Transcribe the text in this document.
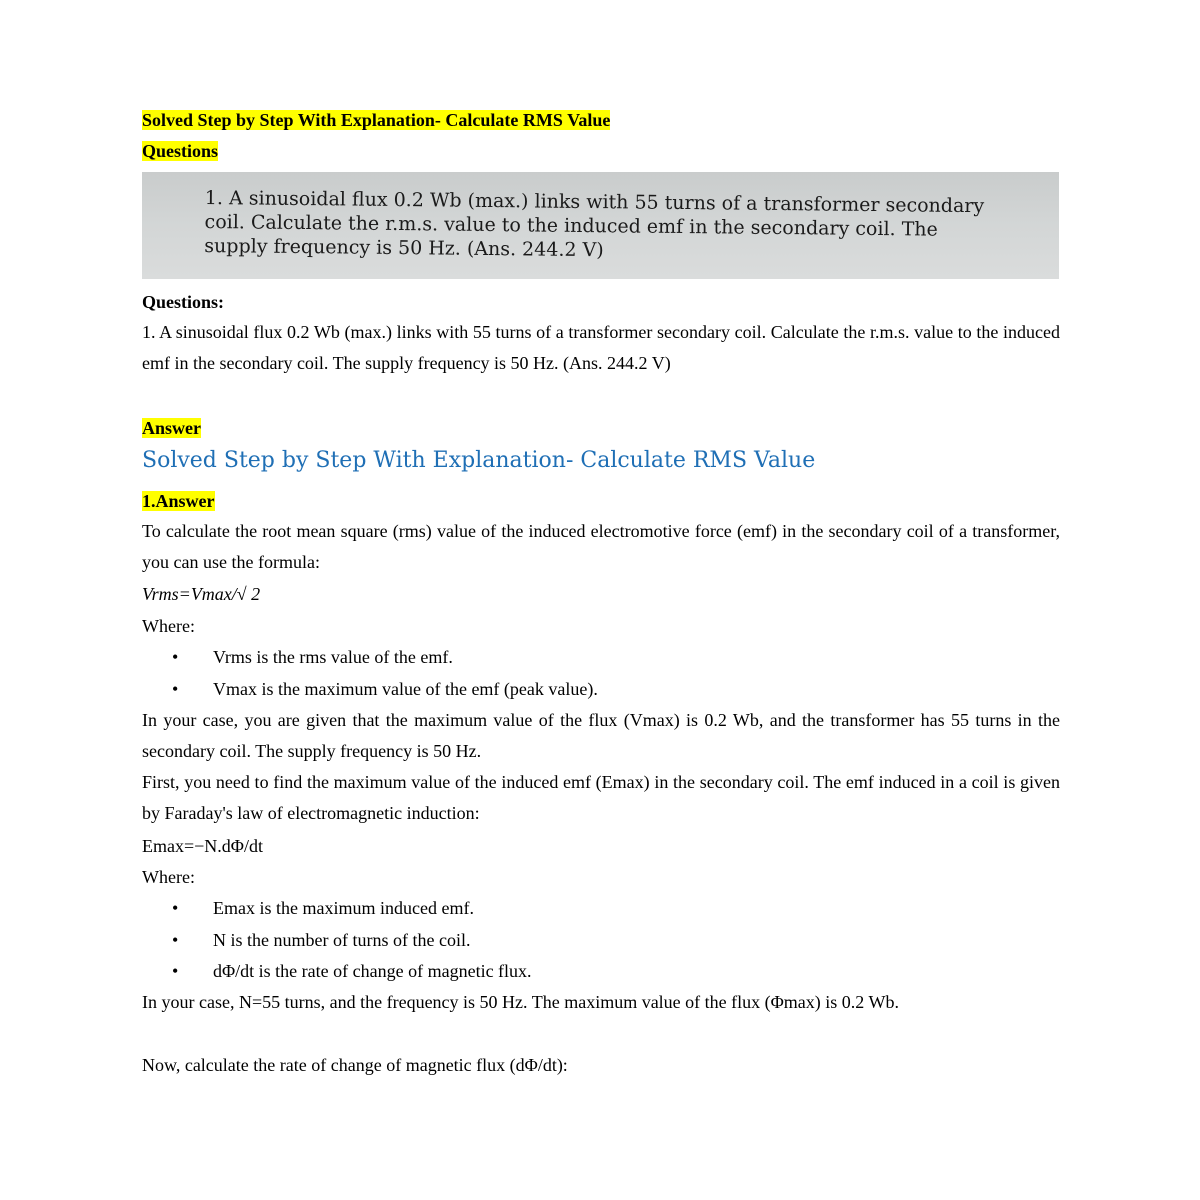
1. A sinusoidal flux 0.2 Wb (max.) links with 55 turns of a transformer secondary coil. Calculate the r.m.s. value to the induced emf in the secondary coil. The supply frequency is 50 Hz. (Ans. 244.2 V)
Solved Step by Step With Explanation- Calculate RMS Value
Questions
Questions:
1. A sinusoidal flux 0.2 Wb (max.) links with 55 turns of a transformer secondary coil. Calculate the r.m.s. value to the induced emf in the secondary coil. The supply frequency is 50 Hz. (Ans. 244.2 V)
Answer
Solved Step by Step With Explanation- Calculate RMS Value
1.Answer
To calculate the root mean square (rms) value of the induced electromotive force (emf) in the secondary coil of a transformer, you can use the formula:
Vrms=Vmax/√ 2
Where:
• Vrms is the rms value of the emf.
• Vmax is the maximum value of the emf (peak value).
In your case, you are given that the maximum value of the flux (Vmax) is 0.2 Wb, and the transformer has 55 turns in the secondary coil. The supply frequency is 50 Hz.
First, you need to find the maximum value of the induced emf (Emax) in the secondary coil. The emf induced in a coil is given by Faraday's law of electromagnetic induction:
Emax=−N.dΦ/dt
Where:
• Emax is the maximum induced emf.
• N is the number of turns of the coil.
• dΦ/dt is the rate of change of magnetic flux.
In your case, N=55 turns, and the frequency is 50 Hz. The maximum value of the flux (Φmax) is 0.2 Wb.
Now, calculate the rate of change of magnetic flux (dΦ/dt):
